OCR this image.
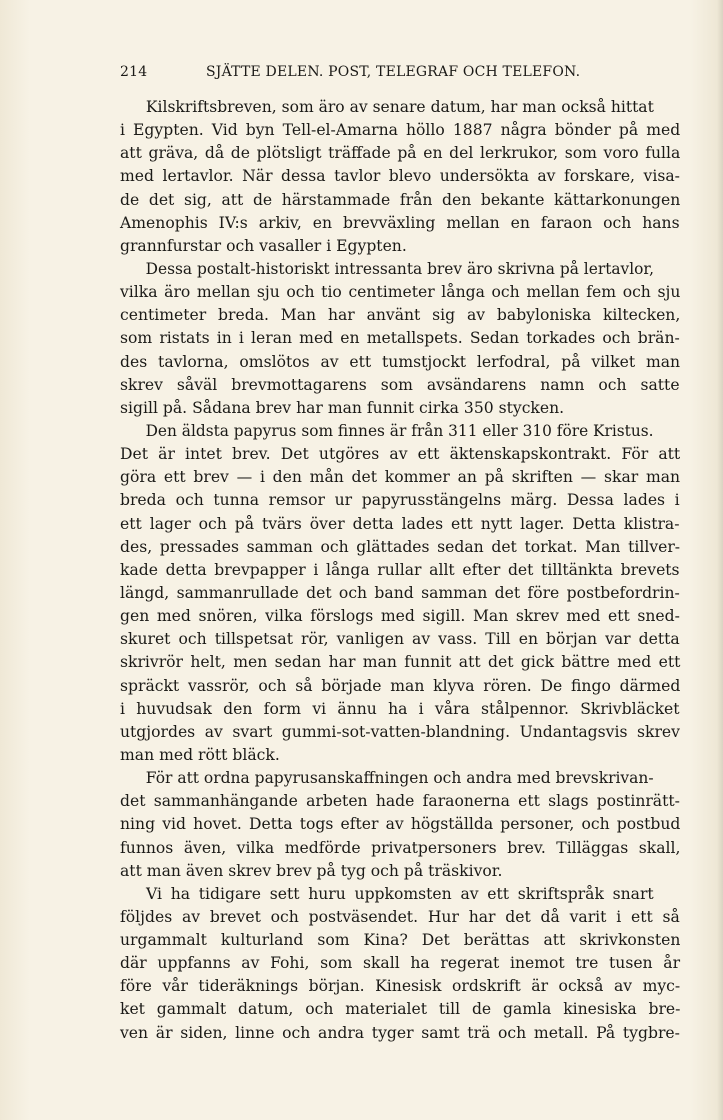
214	SJÄTTE DELEN. POST, TELEGRAF OCH TELEFON.
Kilskriftsbreven, som äro av senare datum, har man också hittat
i Egypten. Vid byn Tell-el-Amarna höllo 1887 några bönder på med
att gräva, då de plötsligt träffade på en del lerkrukor, som voro fulla
med lertavlor. När dessa tavlor blevo undersökta av forskare, visa-
de det sig, att de härstammade från den bekante kättarkonungen
Amenophis IV:s arkiv, en brevväxling mellan en faraon och hans
grannfurstar och vasaller i Egypten.
Dessa postalt-historiskt intressanta brev äro skrivna på lertavlor,
vilka äro mellan sju och tio centimeter långa och mellan fem och sju
centimeter breda. Man har använt sig av babyloniska kiltecken,
som ristats in i leran med en metallspets. Sedan torkades och brän-
des tavlorna, omslötos av ett tumstjockt lerfodral, på vilket man
skrev såväl brevmottagarens som avsändarens namn och satte
sigill på. Sådana brev har man funnit cirka 350 stycken.
Den äldsta papyrus som finnes är från 311 eller 310 före Kristus.
Det är intet brev. Det utgöres av ett äktenskapskontrakt. För att
göra ett brev — i den mån det kommer an på skriften — skar man
breda och tunna remsor ur papyrusstängelns märg. Dessa lades i
ett lager och på tvärs över detta lades ett nytt lager. Detta klistra-
des, pressades samman och glättades sedan det torkat. Man tillver-
kade detta brevpapper i långa rullar allt efter det tilltänkta brevets
längd, sammanrullade det och band samman det före postbefordrin-
gen med snören, vilka förslogs med sigill. Man skrev med ett sned-
skuret och tillspetsat rör, vanligen av vass. Till en början var detta
skrivrör helt, men sedan har man funnit att det gick bättre med ett
spräckt vassrör, och så började man klyva rören. De fingo därmed
i huvudsak den form vi ännu ha i våra stålpennor. Skrivbläcket
utgjordes av svart gummi-sot-vatten-blandning. Undantagsvis skrev
man med rött bläck.
För att ordna papyrusanskaffningen och andra med brevskrivan-
det sammanhängande arbeten hade faraonerna ett slags postinrätt-
ning vid hovet. Detta togs efter av högställda personer, och postbud
funnos även, vilka medförde privatpersoners brev. Tilläggas skall,
att man även skrev brev på tyg och på träskivor.
Vi ha tidigare sett huru uppkomsten av ett skriftspråk snart
följdes av brevet och postväsendet. Hur har det då varit i ett så
urgammalt kulturland som Kina? Det berättas att skrivkonsten
där uppfanns av Fohi, som skall ha regerat inemot tre tusen år
före vår tideräknings början. Kinesisk ordskrift är också av myc-
ket gammalt datum, och materialet till de gamla kinesiska bre-
ven är siden, linne och andra tyger samt trä och metall. På tygbre-
